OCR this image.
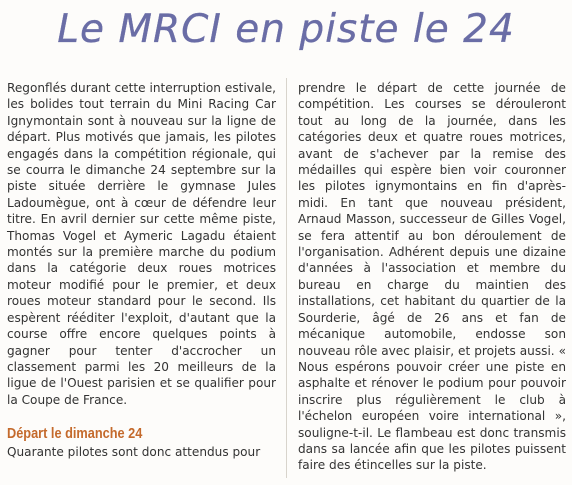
Le MRCI en piste le 24

Regonflés durant cette interruption estivale, les bolides tout terrain du Mini Racing Car Ignymontain sont à nouveau sur la ligne de départ. Plus motivés que jamais, les pilotes engagés dans la compétition régionale, qui se courra le dimanche 24 septembre sur la piste située derrière le gymnase Jules Ladoumègue, ont à cœur de défendre leur titre. En avril dernier sur cette même piste, Thomas Vogel et Aymeric Lagadu étaient montés sur la première marche du podium dans la catégorie deux roues motrices moteur modifié pour le premier, et deux roues moteur standard pour le second. Ils espèrent rééditer l'exploit, d'autant que la course offre encore quelques points à gagner pour tenter d'accrocher un classement parmi les 20 meilleurs de la ligue de l'Ouest parisien et se qualifier pour la Coupe de France.

Départ le dimanche 24

Quarante pilotes sont donc attendus pour

prendre le départ de cette journée de compétition. Les courses se dérouleront tout au long de la journée, dans les catégories deux et quatre roues motrices, avant de s'achever par la remise des médailles qui espère bien voir couronner les pilotes ignymontains en fin d'après-midi. En tant que nouveau président, Arnaud Masson, successeur de Gilles Vogel, se fera attentif au bon déroulement de l'organisation. Adhérent depuis une dizaine d'années à l'association et membre du bureau en charge du maintien des installations, cet habitant du quartier de la Sourderie, âgé de 26 ans et fan de mécanique automobile, endosse son nouveau rôle avec plaisir, et projets aussi. « Nous espérons pouvoir créer une piste en asphalte et rénover le podium pour pouvoir inscrire plus régulièrement le club à l'échelon européen voire international », souligne-t-il. Le flambeau est donc transmis dans sa lancée afin que les pilotes puissent faire des étincelles sur la piste.
